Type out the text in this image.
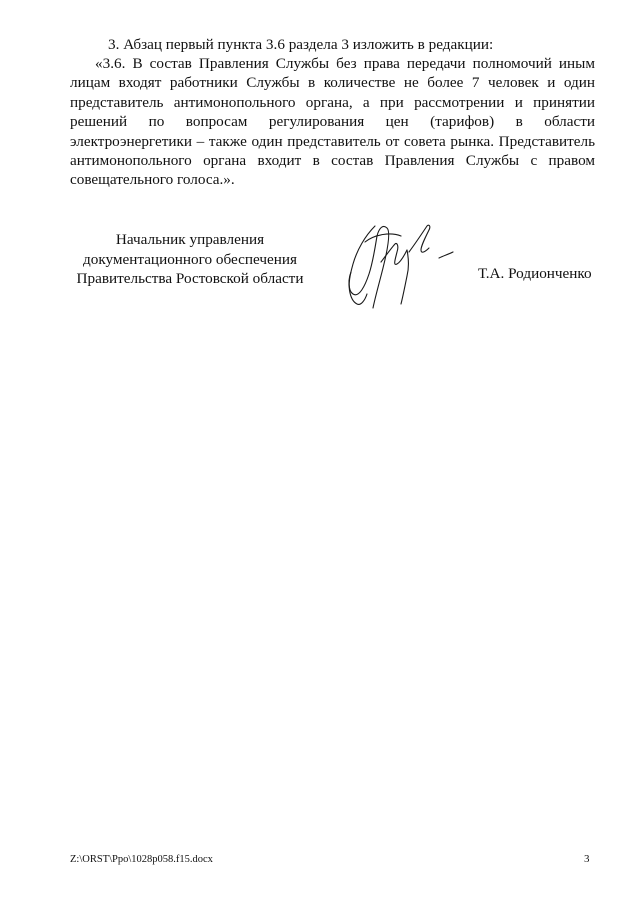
3. Абзац первый пункта 3.6 раздела 3 изложить в редакции:

«3.6. В состав Правления Службы без права передачи полномочий иным лицам входят работники Службы в количестве не более 7 человек и один представитель антимонопольного органа, а при рассмотрении и принятии решений по вопросам регулирования цен (тарифов) в области электроэнергетики – также один представитель от совета рынка. Представитель антимонопольного органа входит в состав Правления Службы с правом совещательного голоса.».

Начальник управления
документационного обеспечения
Правительства Ростовской области	Т.А. Родионченко
Z:\ORST\Ppo\1028p058.f15.docx	3
